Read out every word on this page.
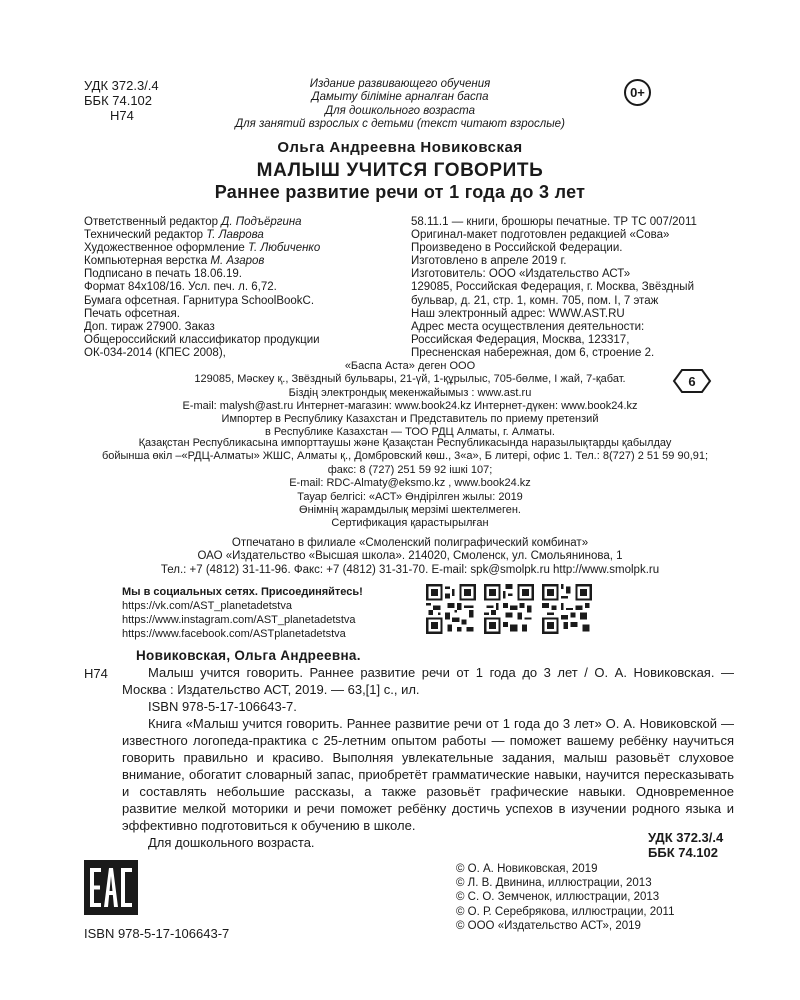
УДК 372.3/.4
ББК 74.102
Н74
Издание развивающего обучения
Дамыту біліміне арналған баспа
Для дошкольного возраста
Для занятий взрослых с детьми (текст читают взрослые)
0+
Ольга Андреевна Новиковская
МАЛЫШ УЧИТСЯ ГОВОРИТЬ
Раннее развитие речи от 1 года до 3 лет
Ответственный редактор Д. Подъёргина
Технический редактор Т. Лаврова
Художественное оформление Т. Любиченко
Компьютерная верстка М. Азаров
Подписано в печать 18.06.19.
Формат 84x108/16. Усл. печ. л. 6,72.
Бумага офсетная. Гарнитура SchoolBookC.
Печать офсетная.
Доп. тираж 27900. Заказ
Общероссийский классификатор продукции
ОК-034-2014 (КПЕС 2008),
58.11.1 — книги, брошюры печатные. ТР ТС 007/2011
Оригинал-макет подготовлен редакцией «Сова»
Произведено в Российской Федерации.
Изготовлено в апреле 2019 г.
Изготовитель: ООО «Издательство АСТ»
129085, Российская Федерация, г. Москва, Звёздный
бульвар, д. 21, стр. 1, комн. 705, пом. I, 7 этаж
Наш электронный адрес: WWW.AST.RU
Адрес места осуществления деятельности:
Российская Федерация, Москва, 123317,
Пресненская набережная, дом 6, строение 2.
«Баспа Аста» деген ООО
129085, Мәскеу қ., Звёздный бульвары, 21-үй, 1-құрылыс, 705-бөлме, I жай, 7-қабат.
Біздің электрондық мекенжайымыз : www.ast.ru
E-mail: malysh@ast.ru Интернет-магазин: www.book24.kz Интернет-дүкен: www.book24.kz
Импортер в Республику Казахстан и Представитель по приему претензий
в Республике Казахстан — ТОО РДЦ Алматы, г. Алматы.
6
Қазақстан Республикасына импорттаушы және Қазақстан Республикасында наразылықтарды қабылдау
бойынша өкіл –«РДЦ-Алматы» ЖШС, Алматы қ., Домбровский көш., 3«а», Б литері, офис 1. Тел.: 8(727) 2 51 59 90,91;
факс: 8 (727) 251 59 92 ішкі 107;
E-mail: RDC-Almaty@eksmo.kz , www.book24.kz
Тауар белгісі: «АСТ» Өндірілген жылы: 2019
Өнімнің жарамдылық мерзімі шектелмеген.
Сертификация қарастырылған
Отпечатано в филиале «Смоленский полиграфический комбинат»
ОАО «Издательство «Высшая школа». 214020, Смоленск, ул. Смольянинова, 1
Тел.: +7 (4812) 31-11-96. Факс: +7 (4812) 31-31-70. E-mail: spk@smolpk.ru http://www.smolpk.ru
Мы в социальных сетях. Присоединяйтесь!
https://vk.com/AST_planetadetstva
https://www.instagram.com/AST_planetadetstva
https://www.facebook.com/ASTplanetadetstva
Новиковская, Ольга Андреевна.
Н74	Малыш учится говорить. Раннее развитие речи от 1 года до 3 лет / О. А. Новиковская. — Москва : Издательство АСТ, 2019. — 63,[1] с., ил.

ISBN 978-5-17-106643-7.

Книга «Малыш учится говорить. Раннее развитие речи от 1 года до 3 лет» О. А. Новиковской — известного логопеда-практика с 25-летним опытом работы — поможет вашему ребёнку научиться говорить правильно и красиво. Выполняя увлекательные задания, малыш разовьёт слуховое внимание, обогатит словарный запас, приобретёт грамматические навыки, научится пересказывать и составлять небольшие рассказы, а также разовьёт графические навыки. Одновременное развитие мелкой моторики и речи поможет ребёнку достичь успехов в изучении родного языка и эффективно подготовиться к обучению в школе.

Для дошкольного возраста.	УДК 372.3/.4
ББК 74.102
ISBN 978-5-17-106643-7
© О. А. Новиковская, 2019
© Л. В. Двинина, иллюстрации, 2013
© С. О. Земченок, иллюстрации, 2013
© О. Р. Серебрякова, иллюстрации, 2011
© ООО «Издательство АСТ», 2019
